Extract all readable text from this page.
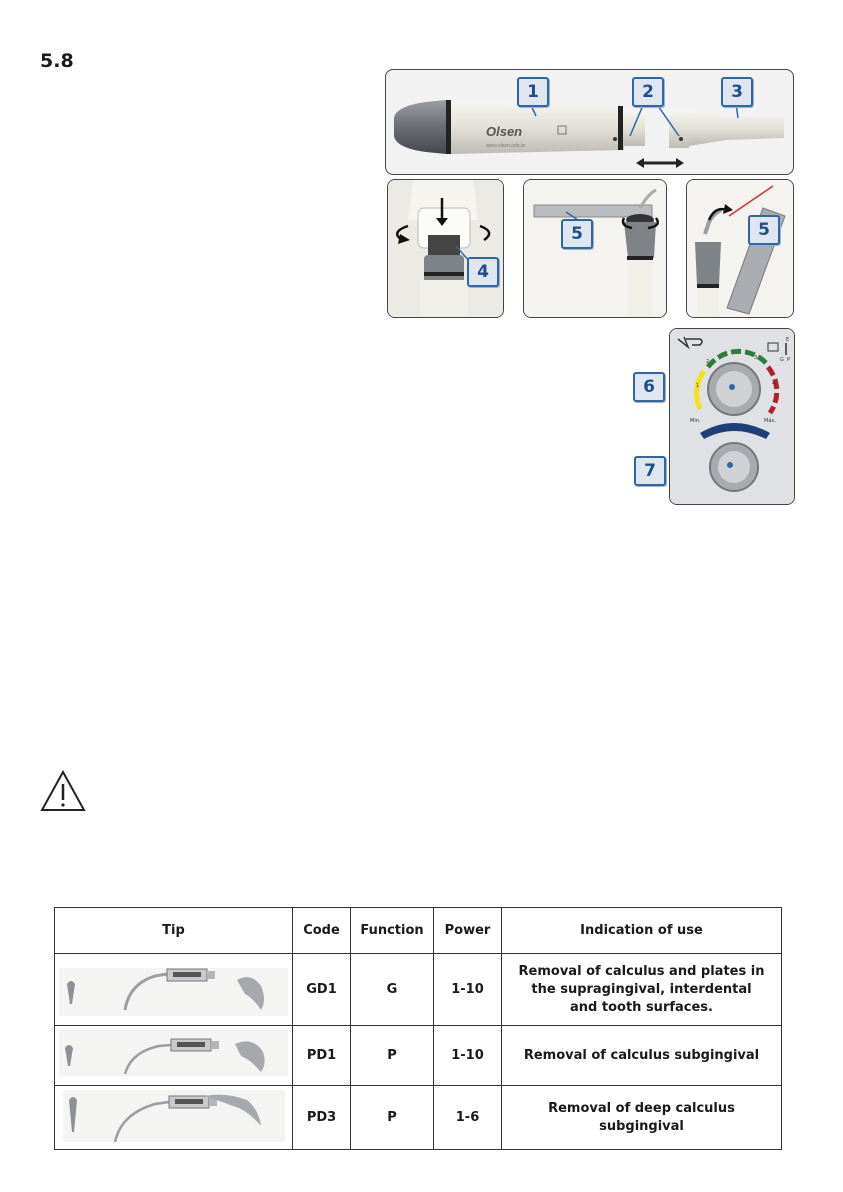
5.8
Olsen
www.olsen.odo.br
Min.	Máx.
1
2
3
4
E
G P
1	2	3
4
5	5
6
7
Tip	Code	Function	Power	Indication of use

	GD1	G	1-10	Removal of calculus and plates in the supragingival, interdental and tooth surfaces.

	PD1	P	1-10	Removal of calculus subgingival

	PD3	P	1-6	Removal of deep calculus subgingival
